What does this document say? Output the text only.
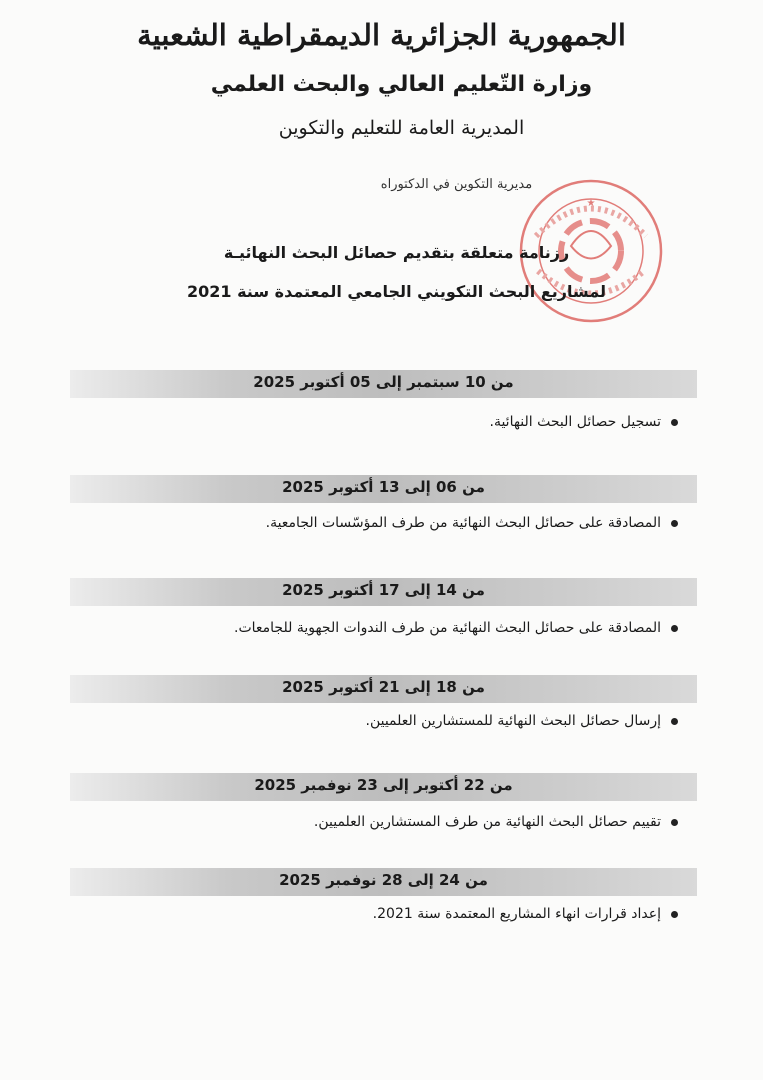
الجمهورية الجزائرية الديمقراطية الشعبية
وزارة التّعليم العالي والبحث العلمي
المديرية العامة للتعليم والتكوين
مديرية التكوين في الدكتوراه
★
رزنامة متعلقة بتقديم حصائل البحث النهائيـة
لمشاريع البحث التكويني الجامعي المعتمدة سنة 2021
من 10 سبتمبر إلى 05 أكتوبر 2025
تسجيل حصائل البحث النهائية.
من 06 إلى 13 أكتوبر 2025
المصادقة على حصائل البحث النهائية من طرف المؤسّسات الجامعية.
من 14 إلى 17 أكتوبر 2025
المصادقة على حصائل البحث النهائية من طرف الندوات الجهوية للجامعات.
من 18 إلى 21 أكتوبر 2025
إرسال حصائل البحث النهائية للمستشارين العلميين.
من 22 أكتوبر إلى 23 نوفمبر 2025
تقييم حصائل البحث النهائية من طرف المستشارين العلميين.
من 24 إلى 28 نوفمبر 2025
إعداد قرارات انهاء المشاريع المعتمدة سنة 2021.
